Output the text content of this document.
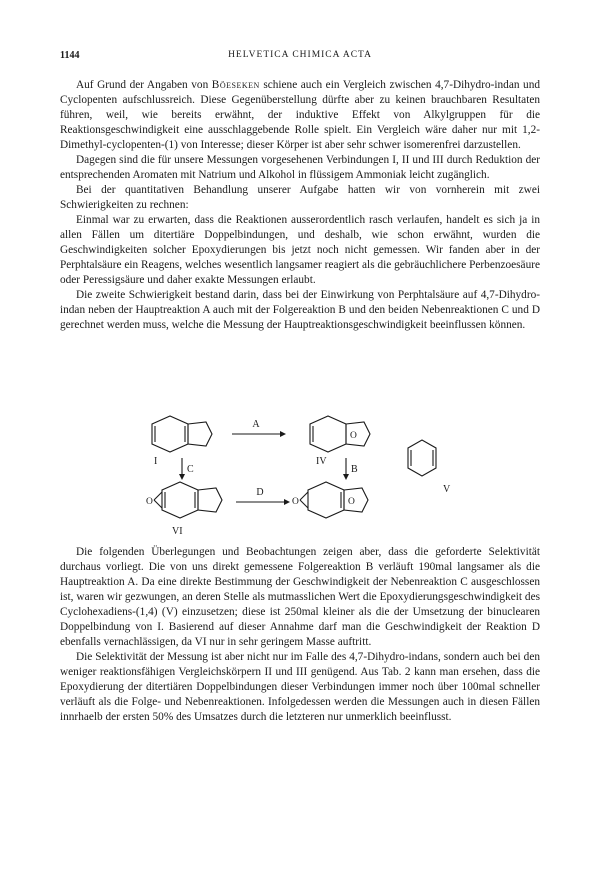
1144	HELVETICA CHIMICA ACTA

Auf Grund der Angaben von Böeseken schiene auch ein Vergleich zwischen 4,7-Dihydro-indan und Cyclopenten aufschlussreich. Diese Gegenüberstellung dürfte aber zu keinen brauchbaren Resultaten führen, weil, wie bereits erwähnt, der induktive Effekt von Alkylgruppen für die Reaktionsgeschwindigkeit eine ausschlaggebende Rolle spielt. Ein Vergleich wäre daher nur mit 1,2-Dimethyl-cyclopenten-(1) von Interesse; dieser Körper ist aber sehr schwer isomerenfrei darzustellen.

Dagegen sind die für unsere Messungen vorgesehenen Verbindungen I, II und III durch Reduktion der entsprechenden Aromaten mit Natrium und Alkohol in flüssigem Ammoniak leicht zugänglich.

Bei der quantitativen Behandlung unserer Aufgabe hatten wir von vornherein mit zwei Schwierigkeiten zu rechnen:

Einmal war zu erwarten, dass die Reaktionen ausserordentlich rasch verlaufen, handelt es sich ja in allen Fällen um ditertiäre Doppelbindungen, und deshalb, wie schon erwähnt, wurden die Geschwindigkeiten solcher Epoxydierungen bis jetzt noch nicht gemessen. Wir fanden aber in der Perphtalsäure ein Reagens, welches wesentlich langsamer reagiert als die gebräuchlichere Perbenzoesäure oder Peressigsäure und daher exakte Messungen erlaubt.

Die zweite Schwierigkeit bestand darin, dass bei der Einwirkung von Perphtalsäure auf 4,7-Dihydro-indan neben der Hauptreaktion A auch mit der Folgereaktion B und den beiden Nebenreaktionen C und D gerechnet werden muss, welche die Messung der Hauptreaktionsgeschwindigkeit beeinflussen können.

A
B
C
D
I	IV
V
VI
O
O	O	O

Die folgenden Überlegungen und Beobachtungen zeigen aber, dass die geforderte Selektivität durchaus vorliegt. Die von uns direkt gemessene Folgereaktion B verläuft 190mal langsamer als die Hauptreaktion A. Da eine direkte Bestimmung der Geschwindigkeit der Nebenreaktion C ausgeschlossen ist, waren wir gezwungen, an deren Stelle als mutmasslichen Wert die Epoxydierungsgeschwindigkeit des Cyclohexadiens-(1,4) (V) einzusetzen; diese ist 250mal kleiner als die der Umsetzung der binuclearen Doppelbindung von I. Basierend auf dieser Annahme darf man die Geschwindigkeit der Reaktion D ebenfalls vernachlässigen, da VI nur in sehr geringem Masse auftritt.

Die Selektivität der Messung ist aber nicht nur im Falle des 4,7-Dihydro-indans, sondern auch bei den weniger reaktionsfähigen Vergleichskörpern II und III genügend. Aus Tab. 2 kann man ersehen, dass die Epoxydierung der ditertiären Doppelbindungen dieser Verbindungen immer noch über 100mal schneller verläuft als die Folge- und Nebenreaktionen. Infolgedessen werden die Messungen auch in diesen Fällen innrhaelb der ersten 50% des Umsatzes durch die letzteren nur unmerklich beeinflusst.
